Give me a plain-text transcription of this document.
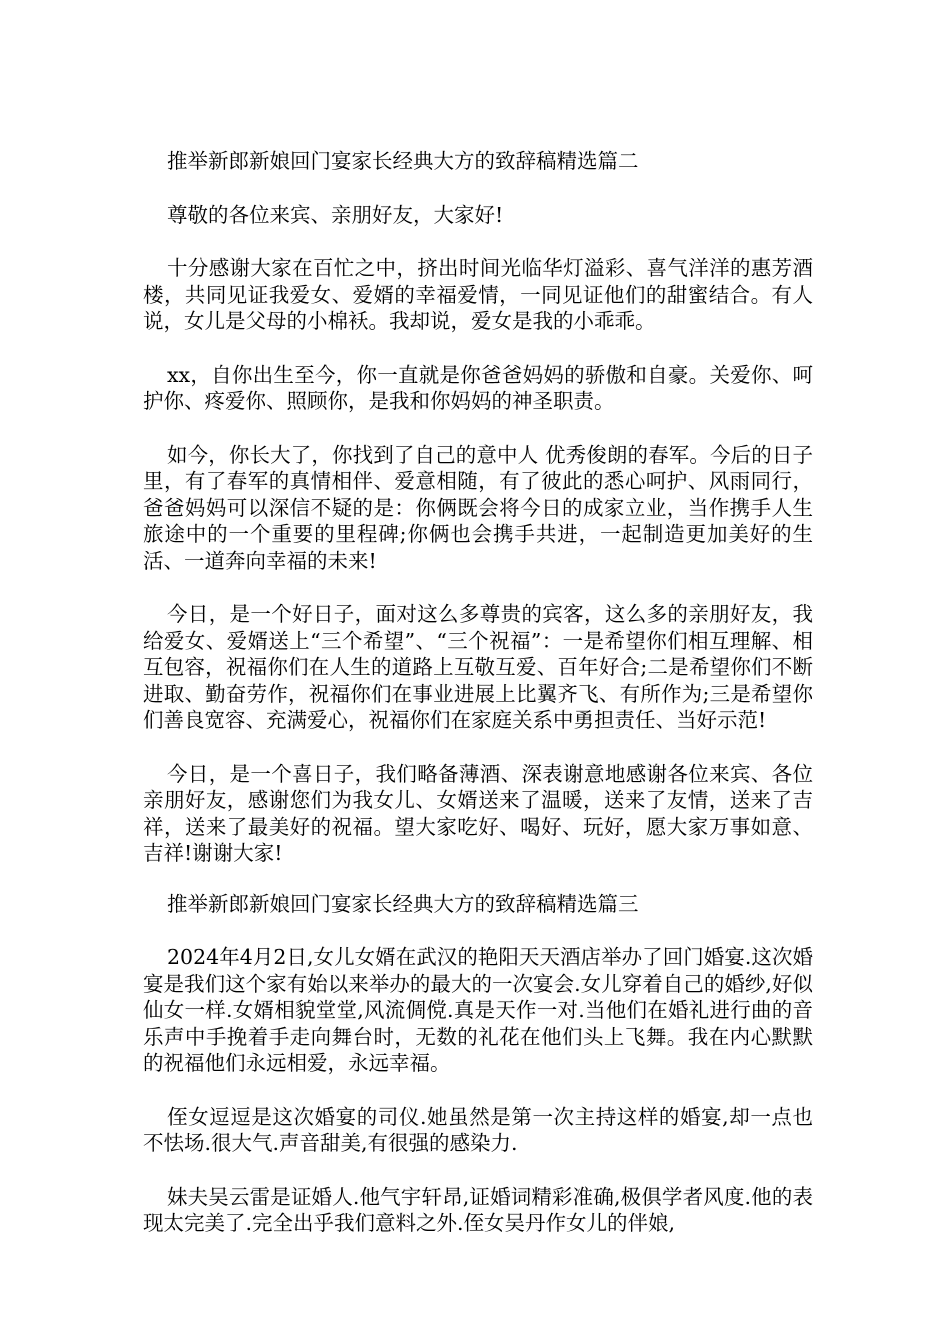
推举新郎新娘回门宴家长经典大方的致辞稿精选篇二

尊敬的各位来宾、亲朋好友，大家好!

十分感谢大家在百忙之中，挤出时间光临华灯溢彩、喜气洋洋的惠芳酒楼，共同见证我爱女、爱婿的幸福爱情，一同见证他们的甜蜜结合。有人说，女儿是父母的小棉袄。我却说，爱女是我的小乖乖。

xx，自你出生至今，你一直就是你爸爸妈妈的骄傲和自豪。关爱你、呵护你、疼爱你、照顾你，是我和你妈妈的神圣职责。

如今，你长大了，你找到了自己的意中人 优秀俊朗的春军。今后的日子里，有了春军的真情相伴、爱意相随，有了彼此的悉心呵护、风雨同行，爸爸妈妈可以深信不疑的是：你俩既会将今日的成家立业，当作携手人生旅途中的一个重要的里程碑;你俩也会携手共进，一起制造更加美好的生活、一道奔向幸福的未来!

今日，是一个好日子，面对这么多尊贵的宾客，这么多的亲朋好友，我给爱女、爱婿送上“三个希望”、“三个祝福”：一是希望你们相互理解、相互包容，祝福你们在人生的道路上互敬互爱、百年好合;二是希望你们不断进取、勤奋劳作，祝福你们在事业进展上比翼齐飞、有所作为;三是希望你们善良宽容、充满爱心，祝福你们在家庭关系中勇担责任、当好示范!

今日，是一个喜日子，我们略备薄酒、深表谢意地感谢各位来宾、各位亲朋好友，感谢您们为我女儿、女婿送来了温暖，送来了友情，送来了吉祥，送来了最美好的祝福。望大家吃好、喝好、玩好，愿大家万事如意、吉祥!谢谢大家!

推举新郎新娘回门宴家长经典大方的致辞稿精选篇三

2024年4月2日,女儿女婿在武汉的艳阳天天酒店举办了回门婚宴.这次婚宴是我们这个家有始以来举办的最大的一次宴会.女儿穿着自己的婚纱,好似仙女一样.女婿相貌堂堂,风流倜傥.真是天作一对.当他们在婚礼进行曲的音乐声中手挽着手走向舞台时，无数的礼花在他们头上飞舞。我在内心默默的祝福他们永远相爱，永远幸福。

侄女逗逗是这次婚宴的司仪.她虽然是第一次主持这样的婚宴,却一点也不怯场.很大气.声音甜美,有很强的感染力.

妹夫吴云雷是证婚人.他气宇轩昂,证婚词精彩准确,极俱学者风度.他的表现太完美了.完全出乎我们意料之外.侄女吴丹作女儿的伴娘,
